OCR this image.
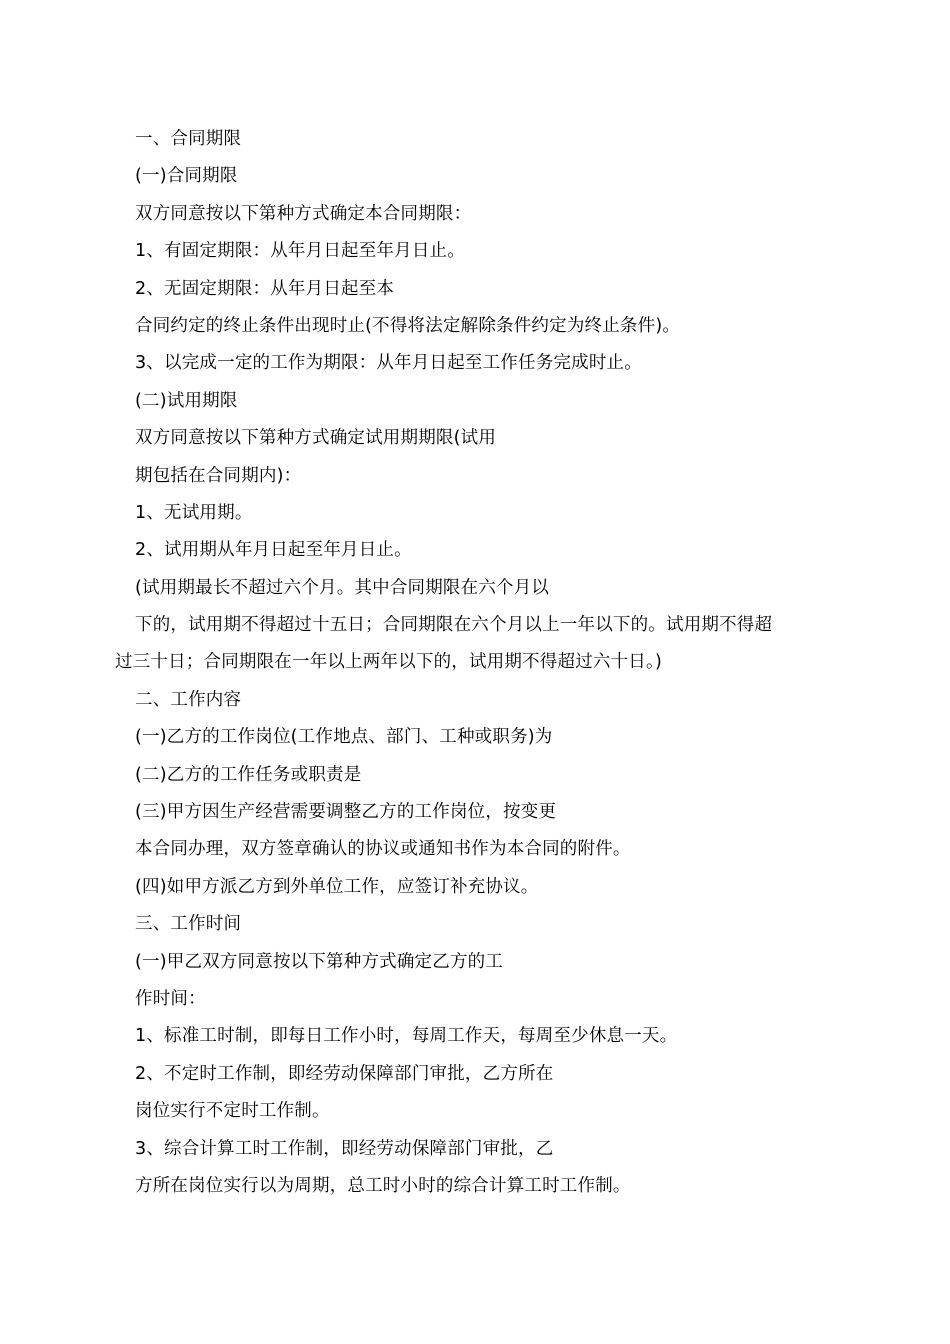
一、合同期限
(一)合同期限
双方同意按以下第种方式确定本合同期限：
1、有固定期限：从年月日起至年月日止。
2、无固定期限：从年月日起至本
合同约定的终止条件出现时止(不得将法定解除条件约定为终止条件)。
3、以完成一定的工作为期限：从年月日起至工作任务完成时止。
(二)试用期限
双方同意按以下第种方式确定试用期期限(试用
期包括在合同期内)：
1、无试用期。
2、试用期从年月日起至年月日止。
(试用期最长不超过六个月。其中合同期限在六个月以
下的，试用期不得超过十五日；合同期限在六个月以上一年以下的。试用期不得超
过三十日；合同期限在一年以上两年以下的，试用期不得超过六十日。)
二、工作内容
(一)乙方的工作岗位(工作地点、部门、工种或职务)为
(二)乙方的工作任务或职责是
(三)甲方因生产经营需要调整乙方的工作岗位，按变更
本合同办理，双方签章确认的协议或通知书作为本合同的附件。
(四)如甲方派乙方到外单位工作，应签订补充协议。
三、工作时间
(一)甲乙双方同意按以下第种方式确定乙方的工
作时间：
1、标准工时制，即每日工作小时，每周工作天，每周至少休息一天。
2、不定时工作制，即经劳动保障部门审批，乙方所在
岗位实行不定时工作制。
3、综合计算工时工作制，即经劳动保障部门审批，乙
方所在岗位实行以为周期，总工时小时的综合计算工时工作制。
